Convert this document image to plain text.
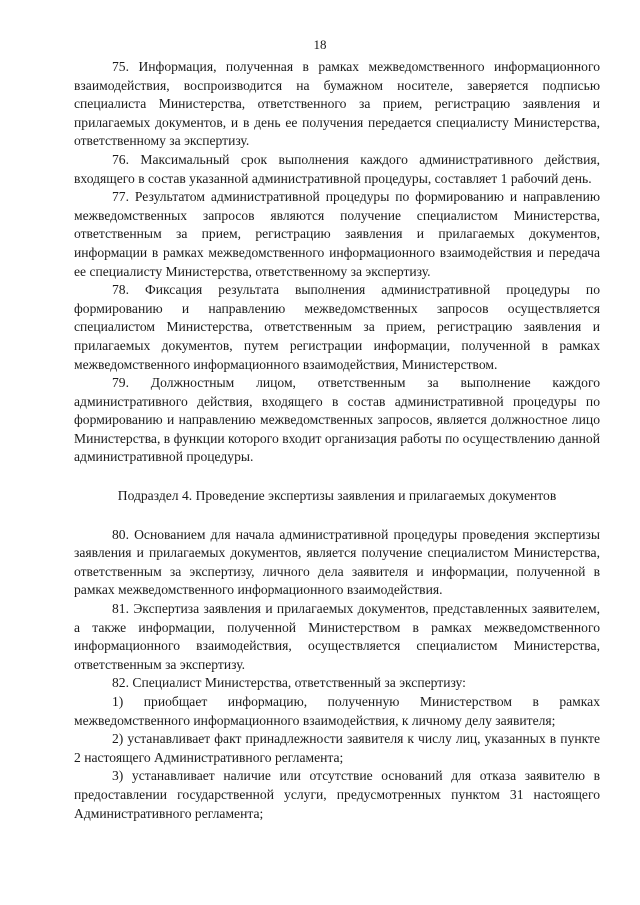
18

75. Информация, полученная в рамках межведомственного информационного взаимодействия, воспроизводится на бумажном носителе, заверяется подписью специалиста Министерства, ответственного за прием, регистрацию заявления и прилагаемых документов, и в день ее получения передается специалисту Министерства, ответственному за экспертизу.

76. Максимальный срок выполнения каждого административного действия, входящего в состав указанной административной процедуры, составляет 1 рабочий день.

77. Результатом административной процедуры по формированию и направлению межведомственных запросов являются получение специалистом Министерства, ответственным за прием, регистрацию заявления и прилагаемых документов, информации в рамках межведомственного информационного взаимодействия и передача ее специалисту Министерства, ответственному за экспертизу.

78. Фиксация результата выполнения административной процедуры по формированию и направлению межведомственных запросов осуществляется специалистом Министерства, ответственным за прием, регистрацию заявления и прилагаемых документов, путем регистрации информации, полученной в рамках межведомственного информационного взаимодействия, Министерством.

79. Должностным лицом, ответственным за выполнение каждого административного действия, входящего в состав административной процедуры по формированию и направлению межведомственных запросов, является должностное лицо Министерства, в функции которого входит организация работы по осуществлению данной административной процедуры.

Подраздел 4. Проведение экспертизы заявления и прилагаемых документов

80. Основанием для начала административной процедуры проведения экспертизы заявления и прилагаемых документов, является получение специалистом Министерства, ответственным за экспертизу, личного дела заявителя и информации, полученной в рамках межведомственного информационного взаимодействия.

81. Экспертиза заявления и прилагаемых документов, представленных заявителем, а также информации, полученной Министерством в рамках межведомственного информационного взаимодействия, осуществляется специалистом Министерства, ответственным за экспертизу.

82. Специалист Министерства, ответственный за экспертизу:

1) приобщает информацию, полученную Министерством в рамках межведомственного информационного взаимодействия, к личному делу заявителя;

2) устанавливает факт принадлежности заявителя к числу лиц, указанных в пункте 2 настоящего Административного регламента;

3) устанавливает наличие или отсутствие оснований для отказа заявителю в предоставлении государственной услуги, предусмотренных пунктом 31 настоящего Административного регламента;
